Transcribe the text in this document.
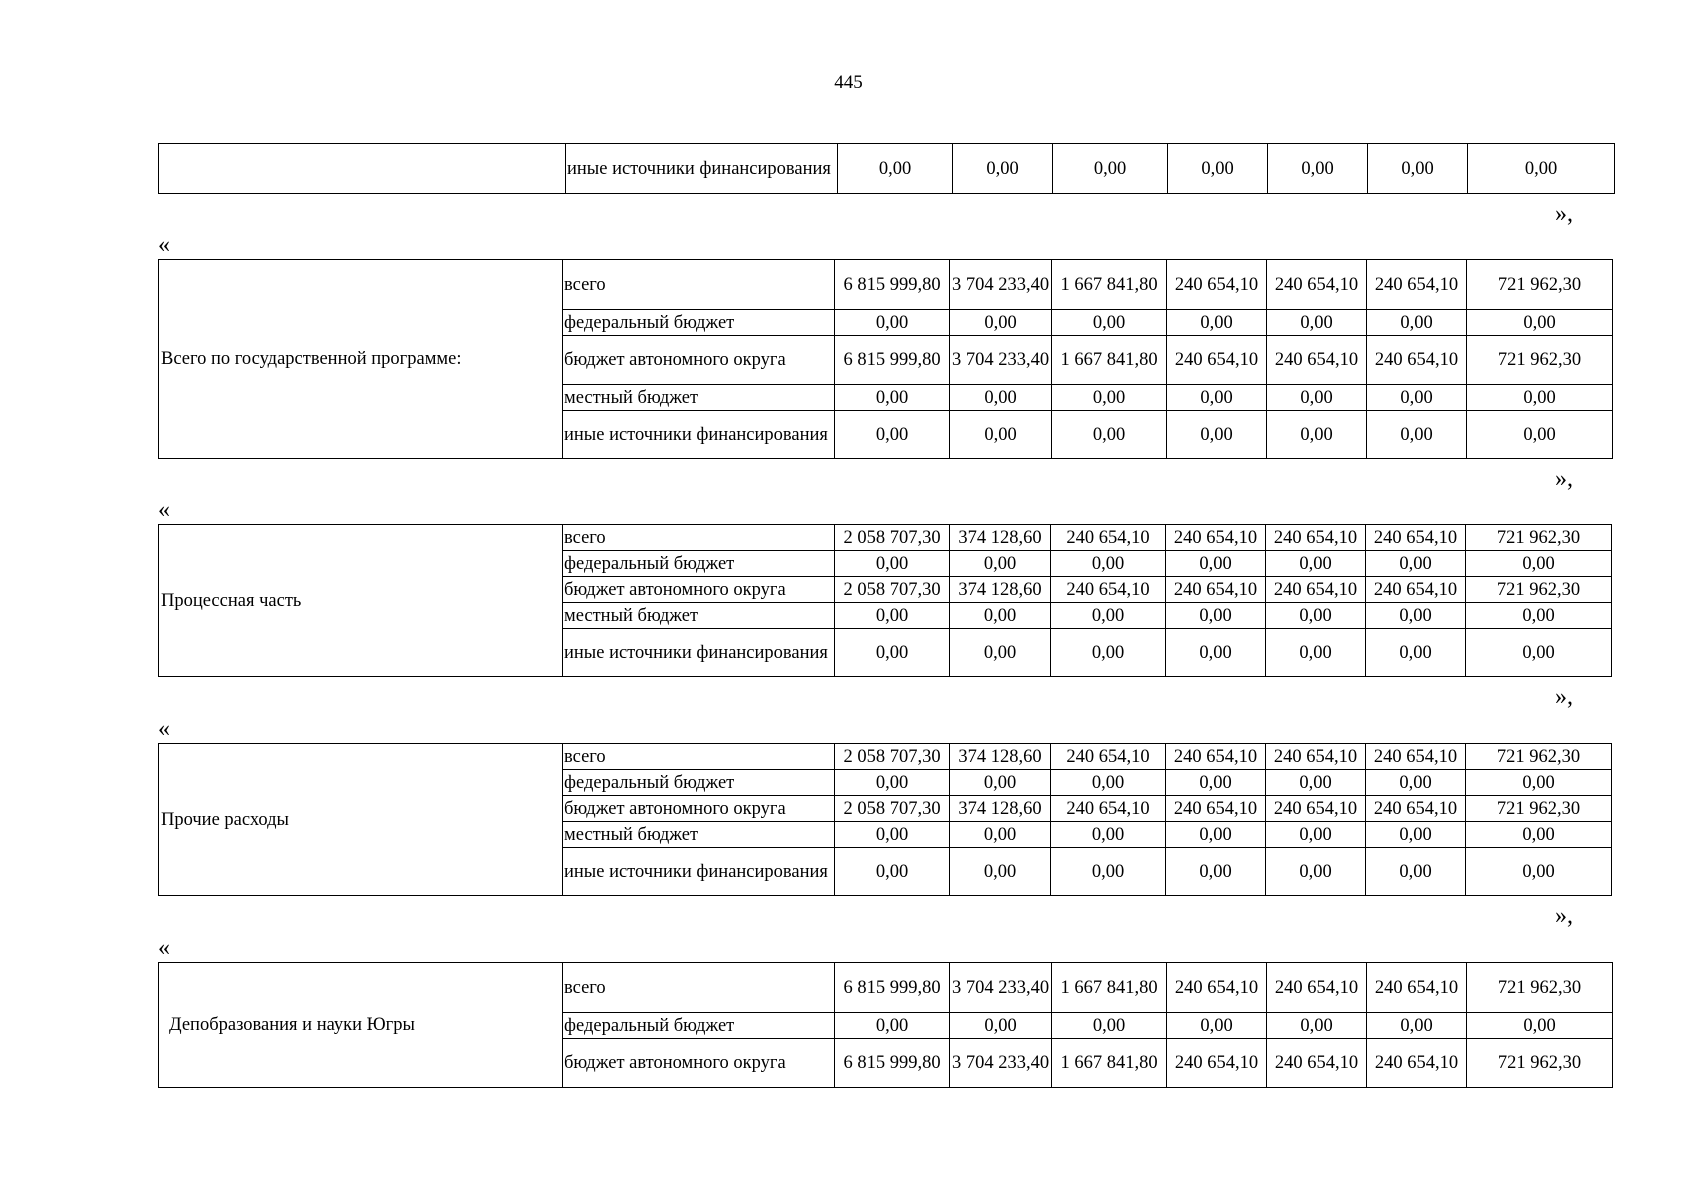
445
	иные источники финансирования	0,00	0,00	0,00	0,00	0,00	0,00	0,00
»,
«
Всего по государственной программе:	всего	6 815 999,80	3 704 233,40	1 667 841,80	240 654,10	240 654,10	240 654,10	721 962,30
	федеральный бюджет	0,00	0,00	0,00	0,00	0,00	0,00	0,00
	бюджет автономного округа	6 815 999,80	3 704 233,40	1 667 841,80	240 654,10	240 654,10	240 654,10	721 962,30
	местный бюджет	0,00	0,00	0,00	0,00	0,00	0,00	0,00
	иные источники финансирования	0,00	0,00	0,00	0,00	0,00	0,00	0,00
»,
«
Процессная часть	всего	2 058 707,30	374 128,60	240 654,10	240 654,10	240 654,10	240 654,10	721 962,30
	федеральный бюджет	0,00	0,00	0,00	0,00	0,00	0,00	0,00
	бюджет автономного округа	2 058 707,30	374 128,60	240 654,10	240 654,10	240 654,10	240 654,10	721 962,30
	местный бюджет	0,00	0,00	0,00	0,00	0,00	0,00	0,00
	иные источники финансирования	0,00	0,00	0,00	0,00	0,00	0,00	0,00
»,
«
Прочие расходы	всего	2 058 707,30	374 128,60	240 654,10	240 654,10	240 654,10	240 654,10	721 962,30
	федеральный бюджет	0,00	0,00	0,00	0,00	0,00	0,00	0,00
	бюджет автономного округа	2 058 707,30	374 128,60	240 654,10	240 654,10	240 654,10	240 654,10	721 962,30
	местный бюджет	0,00	0,00	0,00	0,00	0,00	0,00	0,00
	иные источники финансирования	0,00	0,00	0,00	0,00	0,00	0,00	0,00
»,
«
Депобразования и науки Югры	всего	6 815 999,80	3 704 233,40	1 667 841,80	240 654,10	240 654,10	240 654,10	721 962,30
	федеральный бюджет	0,00	0,00	0,00	0,00	0,00	0,00	0,00
	бюджет автономного округа	6 815 999,80	3 704 233,40	1 667 841,80	240 654,10	240 654,10	240 654,10	721 962,30
